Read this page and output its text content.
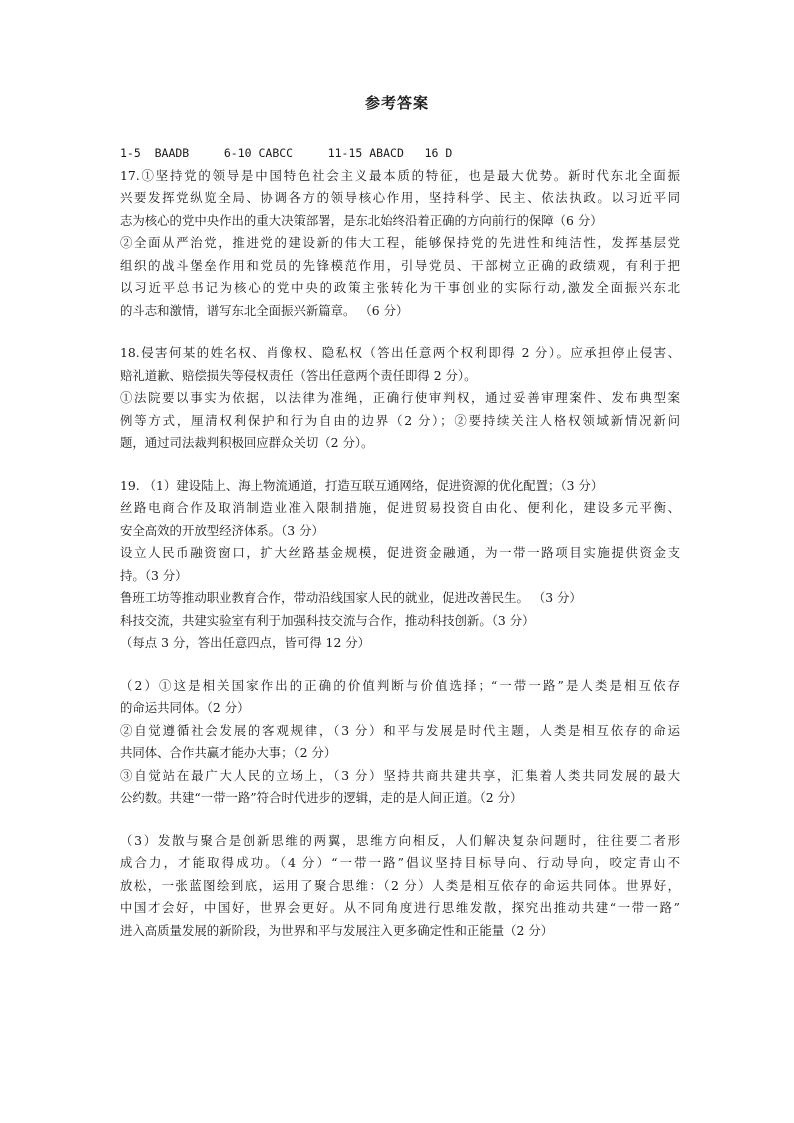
参考答案
1-5  BAADB     6-10 CABCC     11-15 ABACD   16 D
17.①坚持党的领导是中国特色社会主义最本质的特征，也是最大优势。新时代东北全面振
兴要发挥党纵览全局、协调各方的领导核心作用，坚持科学、民主、依法执政。以习近平同
志为核心的党中央作出的重大决策部署，是东北始终沿着正确的方向前行的保障（6 分）
②全面从严治党，推进党的建设新的伟大工程，能够保持党的先进性和纯洁性，发挥基层党
组织的战斗堡垒作用和党员的先锋模范作用，引导党员、干部树立正确的政绩观，有利于把
以习近平总书记为核心的党中央的政策主张转化为干事创业的实际行动,激发全面振兴东北
的斗志和激情，谱写东北全面振兴新篇章。 （6 分）
18.侵害何某的姓名权、肖像权、隐私权（答出任意两个权利即得 2 分）。应承担停止侵害、
赔礼道歉、赔偿损失等侵权责任（答出任意两个责任即得 2 分）。
①法院要以事实为依据，以法律为准绳，正确行使审判权，通过妥善审理案件、发布典型案
例等方式，厘清权利保护和行为自由的边界（2 分）；②要持续关注人格权领域新情况新问
题，通过司法裁判积极回应群众关切（2 分）。
19. （1）建设陆上、海上物流通道，打造互联互通网络，促进资源的优化配置；（3 分）
丝路电商合作及取消制造业准入限制措施，促进贸易投资自由化、便利化，建设多元平衡、
安全高效的开放型经济体系。（3 分）
设立人民币融资窗口，扩大丝路基金规模，促进资金融通，为一带一路项目实施提供资金支
持。（3 分）
鲁班工坊等推动职业教育合作，带动沿线国家人民的就业，促进改善民生。 （3 分）
科技交流，共建实验室有利于加强科技交流与合作，推动科技创新。（3 分）
（每点 3 分，答出任意四点，皆可得 12 分）
（2）①这是相关国家作出的正确的价值判断与价值选择；“一带一路”是人类是相互依存
的命运共同体。（2 分）
②自觉遵循社会发展的客观规律，（3 分）和平与发展是时代主题，人类是相互依存的命运
共同体、合作共赢才能办大事；（2 分）
③自觉站在最广大人民的立场上，（3 分）坚持共商共建共享，汇集着人类共同发展的最大
公约数。共建“一带一路”符合时代进步的逻辑，走的是人间正道。（2 分）
（3）发散与聚合是创新思维的两翼，思维方向相反，人们解决复杂问题时，往往要二者形
成合力，才能取得成功。（4 分）“一带一路”倡议坚持目标导向、行动导向，咬定青山不
放松，一张蓝图绘到底，运用了聚合思维：（2 分）人类是相互依存的命运共同体。世界好，
中国才会好，中国好，世界会更好。从不同角度进行思维发散，探究出推动共建“一带一路”
进入高质量发展的新阶段，为世界和平与发展注入更多确定性和正能量（2 分）
